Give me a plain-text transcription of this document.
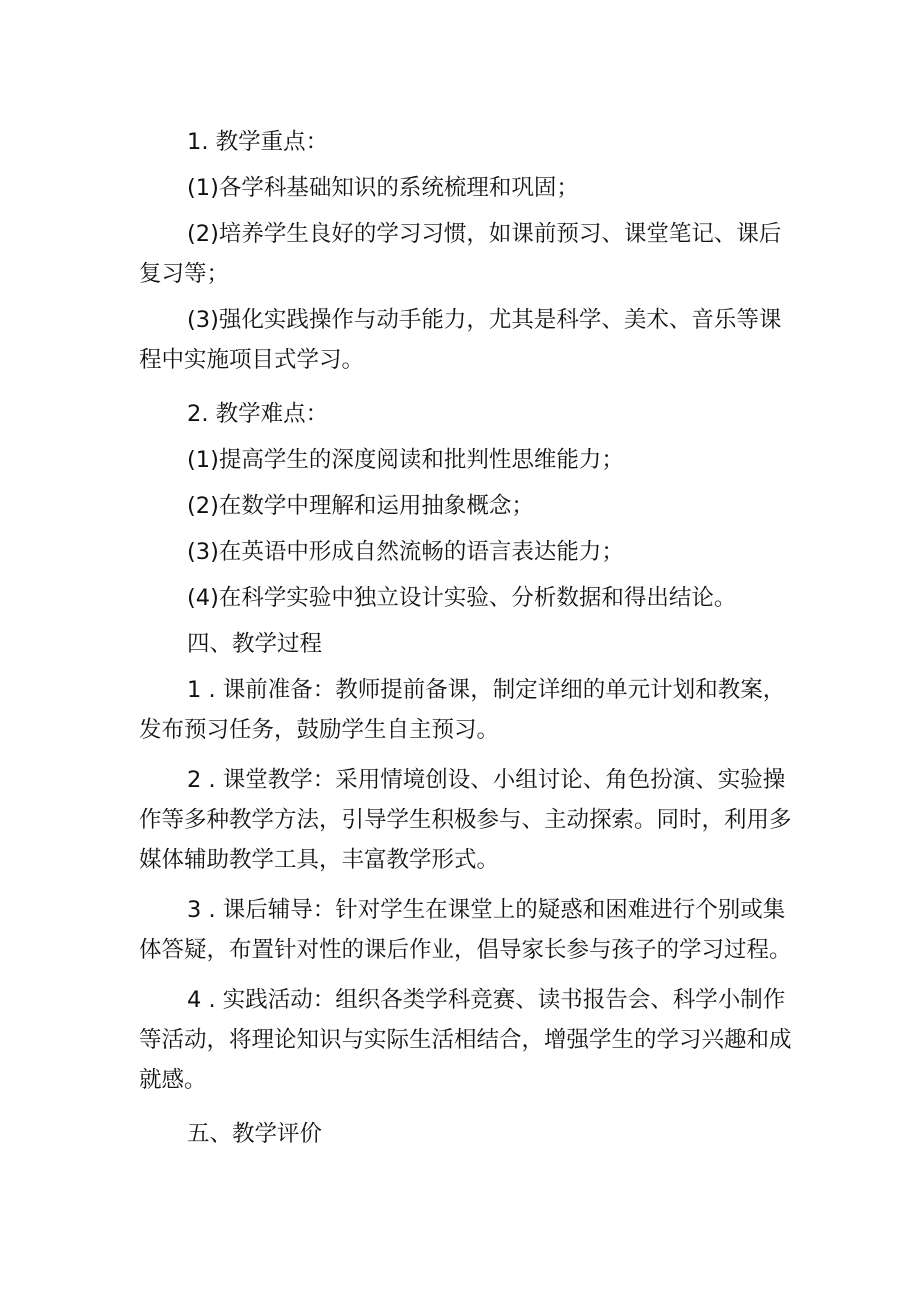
1. 教学重点：
(1)各学科基础知识的系统梳理和巩固；
(2)培养学生良好的学习习惯，如课前预习、课堂笔记、课后复习等；
(3)强化实践操作与动手能力，尤其是科学、美术、音乐等课程中实施项目式学习。
2. 教学难点：
(1)提高学生的深度阅读和批判性思维能力；
(2)在数学中理解和运用抽象概念；
(3)在英语中形成自然流畅的语言表达能力；
(4)在科学实验中独立设计实验、分析数据和得出结论。
四、教学过程
1 . 课前准备：教师提前备课，制定详细的单元计划和教案，发布预习任务，鼓励学生自主预习。
2 . 课堂教学：采用情境创设、小组讨论、角色扮演、实验操作等多种教学方法，引导学生积极参与、主动探索。同时，利用多媒体辅助教学工具，丰富教学形式。
3 . 课后辅导：针对学生在课堂上的疑惑和困难进行个别或集体答疑，布置针对性的课后作业，倡导家长参与孩子的学习过程。
4 . 实践活动：组织各类学科竞赛、读书报告会、科学小制作等活动，将理论知识与实际生活相结合，增强学生的学习兴趣和成就感。
五、教学评价
